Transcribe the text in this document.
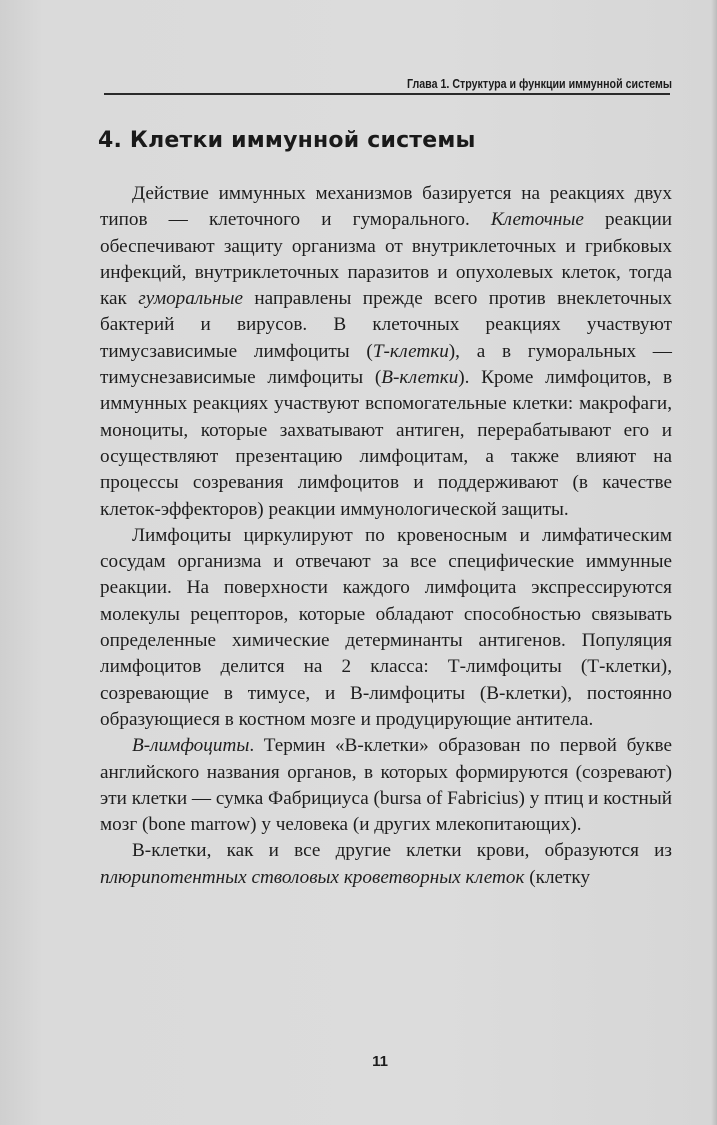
Глава 1. Структура и функции иммунной системы
4. Клетки иммунной системы

Действие иммунных механизмов базируется на реакциях двух типов — клеточного и гуморального. Клеточные реакции обеспечивают защиту организма от внутриклеточных и грибковых инфекций, внутриклеточных паразитов и опухолевых клеток, тогда как гуморальные направлены прежде всего против внеклеточных бактерий и вирусов. В клеточных реакциях участвуют тимусзависимые лимфоциты (Т-клетки), а в гуморальных — тимуснезависимые лимфоциты (В-клетки). Кроме лимфоцитов, в иммунных реакциях участвуют вспомогательные клетки: макрофаги, моноциты, которые захватывают антиген, перерабатывают его и осуществляют презентацию лимфоцитам, а также влияют на процессы созревания лимфоцитов и поддерживают (в качестве клеток-эффекторов) реакции иммунологической защиты.

Лимфоциты циркулируют по кровеносным и лимфатическим сосудам организма и отвечают за все специфические иммунные реакции. На поверхности каждого лимфоцита экспрессируются молекулы рецепторов, которые обладают способностью связывать определенные химические детерминанты антигенов. Популяция лимфоцитов делится на 2 класса: Т-лимфоциты (Т-клетки), созревающие в тимусе, и В-лимфоциты (В-клетки), постоянно образующиеся в костном мозге и продуцирующие антитела.

В-лимфоциты. Термин «В-клетки» образован по первой букве английского названия органов, в которых формируются (созревают) эти клетки — сумка Фабрициуса (bursa of Fabricius) у птиц и костный мозг (bone marrow) у человека (и других млекопитающих).

В-клетки, как и все другие клетки крови, образуются из плюрипотентных стволовых кроветворных клеток (клетку

11
